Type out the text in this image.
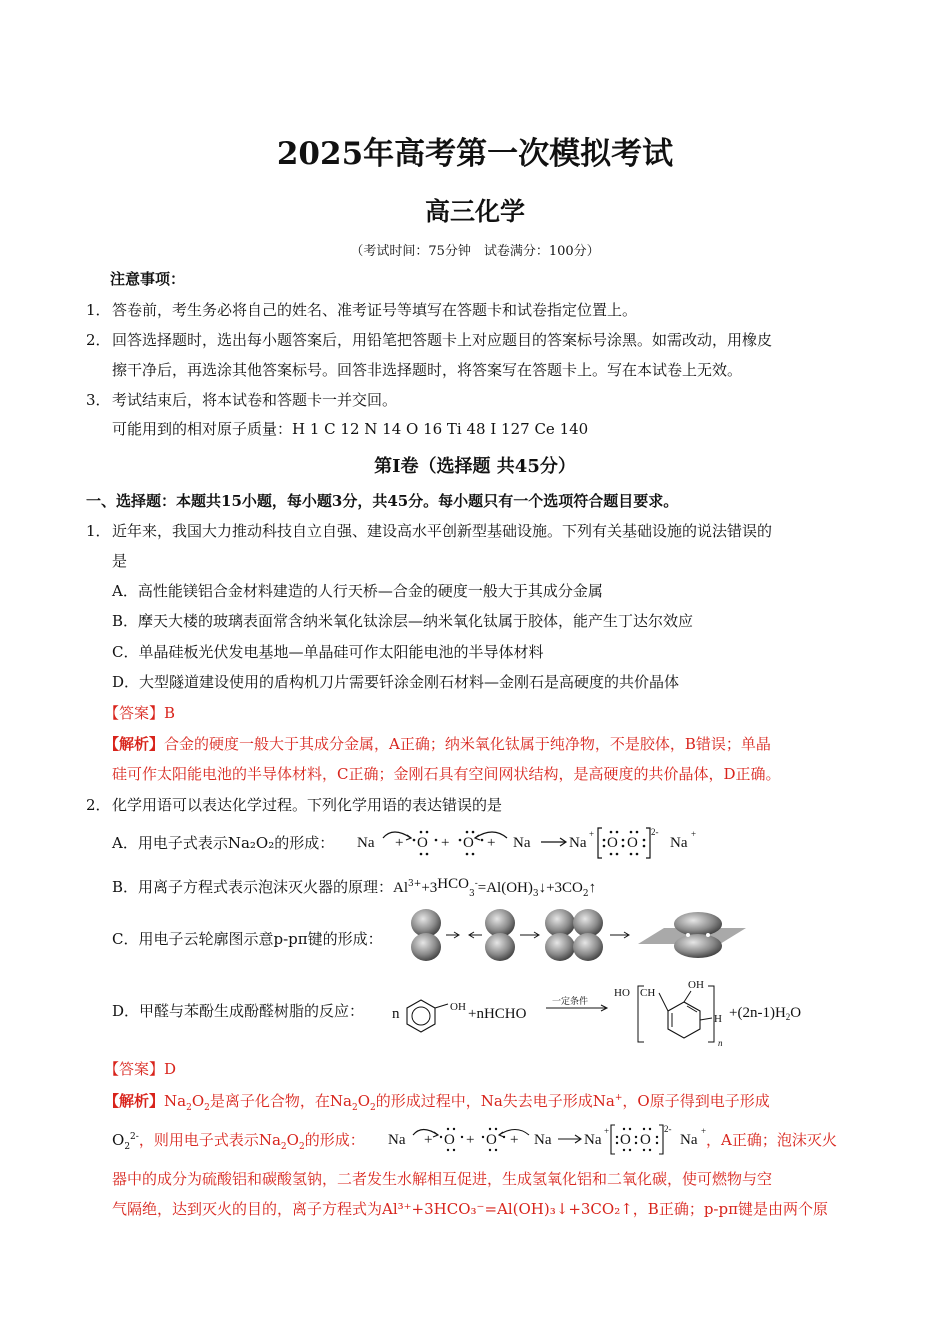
2025年高考第一次模拟考试
高三化学
（考试时间：75分钟　试卷满分：100分）
注意事项：
1． 答卷前，考生务必将自己的姓名、准考证号等填写在答题卡和试卷指定位置上。
2． 回答选择题时，选出每小题答案后，用铅笔把答题卡上对应题目的答案标号涂黑。如需改动，用橡皮
擦干净后，再选涂其他答案标号。回答非选择题时，将答案写在答题卡上。写在本试卷上无效。
3． 考试结束后，将本试卷和答题卡一并交回。
可能用到的相对原子质量：H 1 C 12 N 14 O 16 Ti 48 I 127 Ce 140
第Ⅰ卷（选择题 共45分）
一、选择题：本题共15小题，每小题3分，共45分。每小题只有一个选项符合题目要求。
1． 近年来，我国大力推动科技自立自强、建设高水平创新型基础设施。下列有关基础设施的说法错误的
是
A．高性能镁铝合金材料建造的人行天桥—合金的硬度一般大于其成分金属
B．摩天大楼的玻璃表面常含纳米氧化钛涂层—纳米氧化钛属于胶体，能产生丁达尔效应
C．单晶硅板光伏发电基地—单晶硅可作太阳能电池的半导体材料
D．大型隧道建设使用的盾构机刀片需要钎涂金刚石材料—金刚石是高硬度的共价晶体
【答案】B
【解析】合金的硬度一般大于其成分金属，A正确；纳米氧化钛属于纯净物，不是胶体，B错误；单晶
硅可作太阳能电池的半导体材料，C正确；金刚石具有空间网状结构，是高硬度的共价晶体，D正确。
2． 化学用语可以表达化学过程。下列化学用语的表达错误的是
A．用电子式表示Na₂O₂的形成： Na + O + O + Na	Na
+
O O
2-
Na
+
B．用离子方程式表示泡沫灭火器的原理：$Al^{3+}+3HCO_3^-=Al(OH)_3↓+3CO_2↑$
C．用电子云轮廓图示意p-pπ键的形成：
D．甲醛与苯酚生成酚醛树脂的反应： n	OH +nHCHO
一定条件
HO CH
OH
H
n
$+(2n-1)H_2O$
【答案】D
【解析】$Na_2O_2$是离子化合物，在$Na_2O_2$的形成过程中，Na失去电子形成Na+，O原子得到电子形成
$O_2^{2-}$，则用电子式表示$Na_2O_2$的形成： Na + O + O + Na Na
+
O O
2-
Na
+ ，A正确；泡沫灭火
器中的成分为硫酸铝和碳酸氢钠，二者发生水解相互促进，生成氢氧化铝和二氧化碳，使可燃物与空
气隔绝，达到灭火的目的，离子方程式为Al³⁺+3HCO₃⁻=Al(OH)₃↓+3CO₂↑，B正确；p-pπ键是由两个原
